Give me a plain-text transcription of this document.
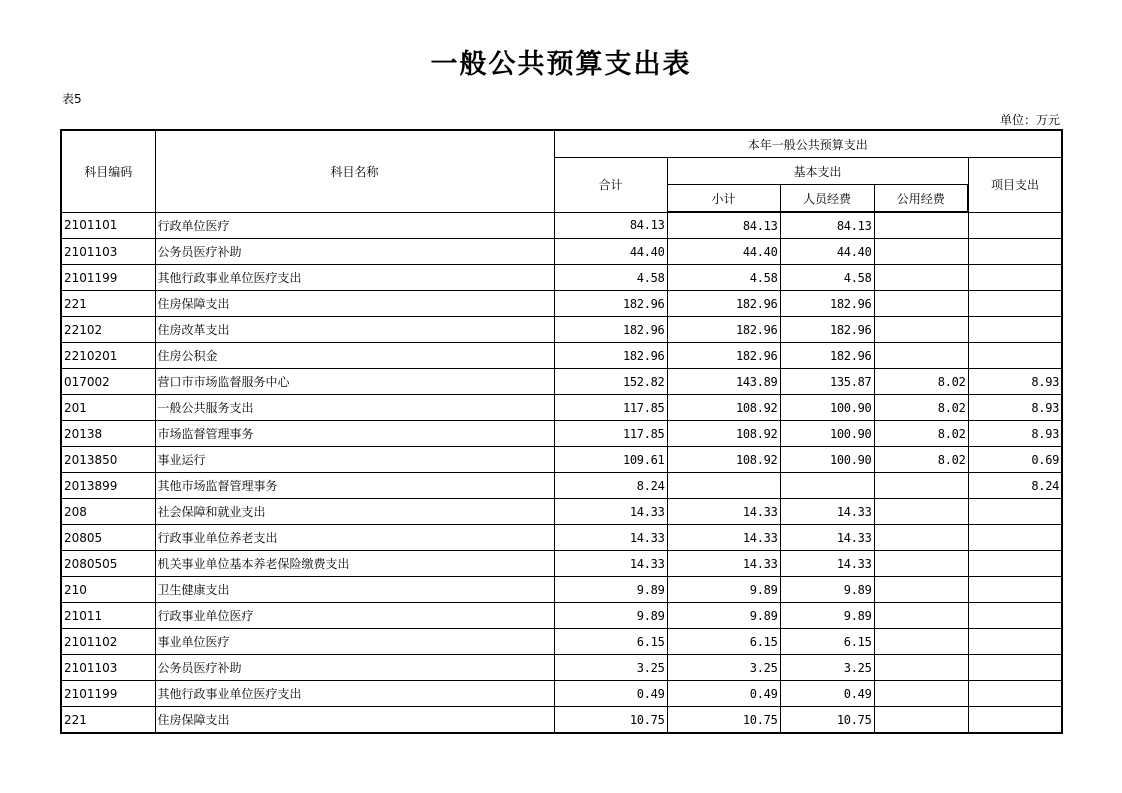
一般公共预算支出表
表5
单位：万元
科目编码	科目名称	本年一般公共预算支出				
		合计	基本支出			项目支出
			小计	人员经费	公用经费	
2101101	行政单位医疗	84.13	84.13	84.13		
2101103	公务员医疗补助	44.40	44.40	44.40		
2101199	其他行政事业单位医疗支出	4.58	4.58	4.58		
221	住房保障支出	182.96	182.96	182.96		
22102	住房改革支出	182.96	182.96	182.96		
2210201	住房公积金	182.96	182.96	182.96		
017002	营口市市场监督服务中心	152.82	143.89	135.87	8.02	8.93
201	一般公共服务支出	117.85	108.92	100.90	8.02	8.93
20138	市场监督管理事务	117.85	108.92	100.90	8.02	8.93
2013850	事业运行	109.61	108.92	100.90	8.02	0.69
2013899	其他市场监督管理事务	8.24				8.24
208	社会保障和就业支出	14.33	14.33	14.33		
20805	行政事业单位养老支出	14.33	14.33	14.33		
2080505	机关事业单位基本养老保险缴费支出	14.33	14.33	14.33		
210	卫生健康支出	9.89	9.89	9.89		
21011	行政事业单位医疗	9.89	9.89	9.89		
2101102	事业单位医疗	6.15	6.15	6.15		
2101103	公务员医疗补助	3.25	3.25	3.25		
2101199	其他行政事业单位医疗支出	0.49	0.49	0.49		
221	住房保障支出	10.75	10.75	10.75		
